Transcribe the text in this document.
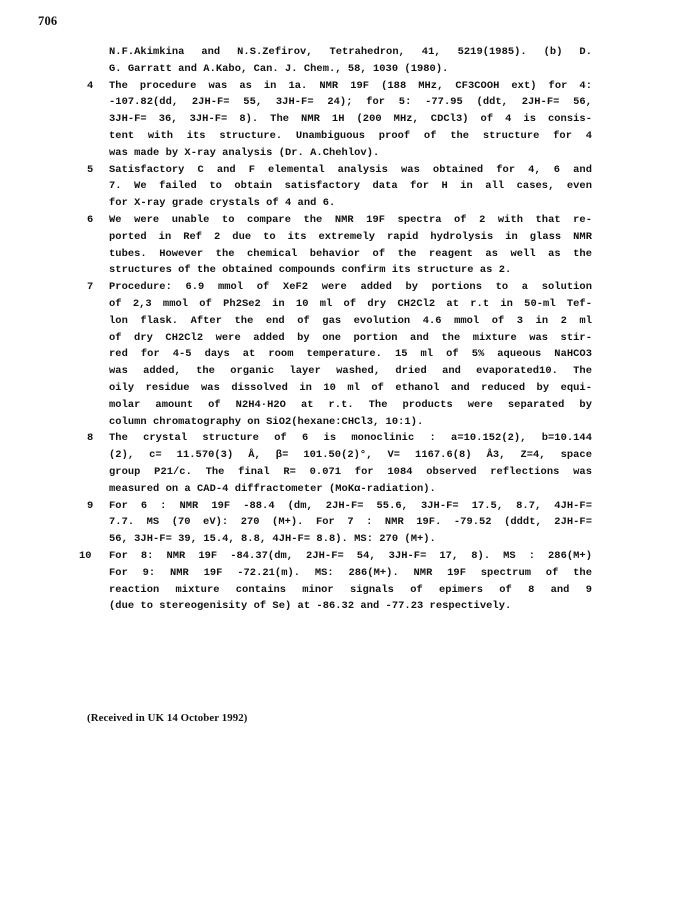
706
N.F.Akimkina and N.S.Zefirov, Tetrahedron, 41, 5219(1985). (b) D.
G. Garratt and A.Kabo, Can. J. Chem., 58, 1030 (1980).
4	The procedure was as in 1a. NMR 19F (188 MHz, CF3COOH ext) for 4:
-107.82(dd, 2JH-F= 55, 3JH-F= 24); for 5: -77.95 (ddt, 2JH-F= 56,
3JH-F= 36, 3JH-F= 8). The NMR 1H (200 MHz, CDCl3) of 4 is consis-
tent with its structure. Unambiguous proof of the structure for 4
was made by X-ray analysis (Dr. A.Chehlov).
5	Satisfactory C and F elemental analysis was obtained for 4, 6 and
7. We failed to obtain satisfactory data for H in all cases, even
for X-ray grade crystals of 4 and 6.
6	We were unable to compare the NMR 19F spectra of 2 with that re-
ported in Ref 2 due to its extremely rapid hydrolysis in glass NMR
tubes. However the chemical behavior of the reagent as well as the
structures of the obtained compounds confirm its structure as 2.
7	Procedure: 6.9 mmol of XeF2 were added by portions to a solution
of 2,3 mmol of Ph2Se2 in 10 ml of dry CH2Cl2 at r.t in 50-ml Tef-
lon flask. After the end of gas evolution 4.6 mmol of 3 in 2 ml
of dry CH2Cl2 were added by one portion and the mixture was stir-
red for 4-5 days at room temperature. 15 ml of 5% aqueous NaHCO3
was added, the organic layer washed, dried and evaporated10. The
oily residue was dissolved in 10 ml of ethanol and reduced by equi-
molar amount of N2H4·H2O at r.t. The products were separated by
column chromatography on SiO2(hexane:CHCl3, 10:1).
8	The crystal structure of 6 is monoclinic : a=10.152(2), b=10.144
(2), c= 11.570(3) Å, β= 101.50(2)°, V= 1167.6(8) Å3, Z=4, space
group P21/c. The final R= 0.071 for 1084 observed reflections was
measured on a CAD-4 diffractometer (MoKα-radiation).
9	For 6 : NMR 19F -88.4 (dm, 2JH-F= 55.6, 3JH-F= 17.5, 8.7, 4JH-F=
7.7. MS (70 eV): 270 (M+). For 7 : NMR 19F. -79.52 (dddt, 2JH-F=
56, 3JH-F= 39, 15.4, 8.8, 4JH-F= 8.8). MS: 270 (M+).
10	For 8: NMR 19F -84.37(dm, 2JH-F= 54, 3JH-F= 17, 8). MS : 286(M+)
For 9: NMR 19F -72.21(m). MS: 286(M+). NMR 19F spectrum of the
reaction mixture contains minor signals of epimers of 8 and 9
(due to stereogenisity of Se) at -86.32 and -77.23 respectively.
(Received in UK 14 October 1992)
